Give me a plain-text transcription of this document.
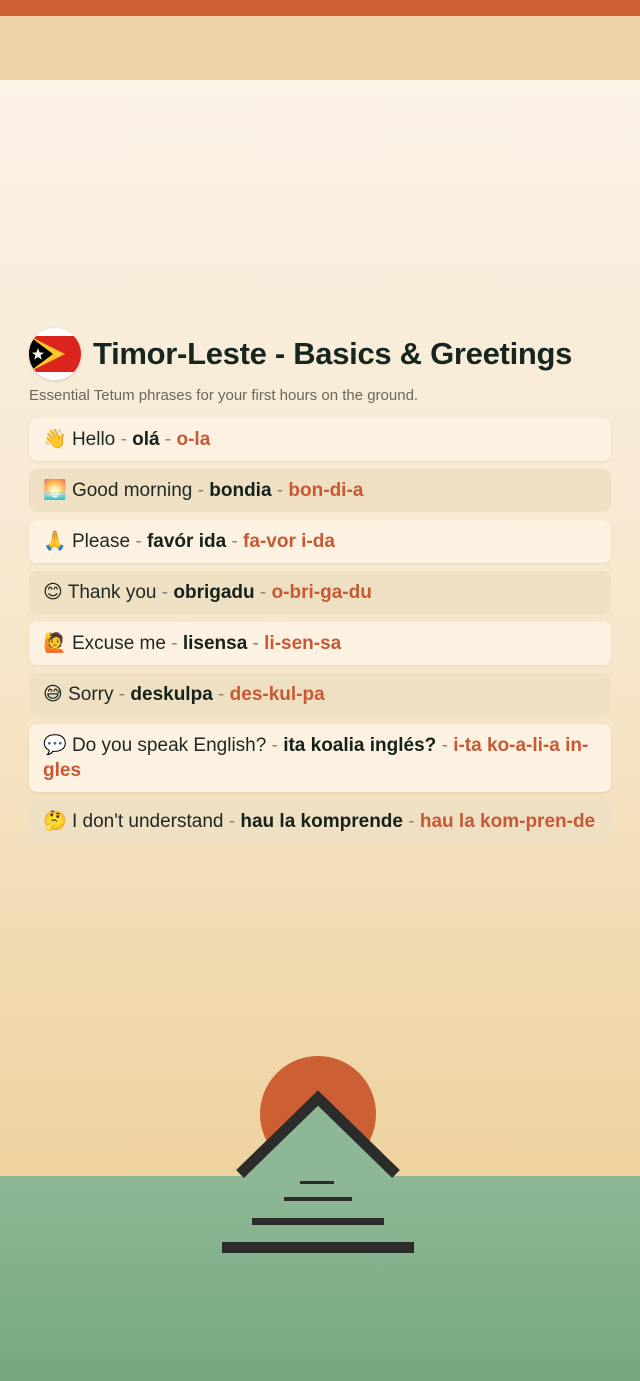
Timor-Leste - Basics & Greetings
Essential Tetum phrases for your first hours on the ground.
👋 Hello - olá - o-la
🌅 Good morning - bondia - bon-di-a
🙏 Please - favór ida - fa-vor i-da
😊 Thank you - obrigadu - o-bri-ga-du
🙋 Excuse me - lisensa - li-sen-sa
😅 Sorry - deskulpa - des-kul-pa
💬 Do you speak English? - ita koalia inglés? - i-ta ko-a-li-a in-gles
🤔 I don't understand - hau la komprende - hau la kom-pren-de
